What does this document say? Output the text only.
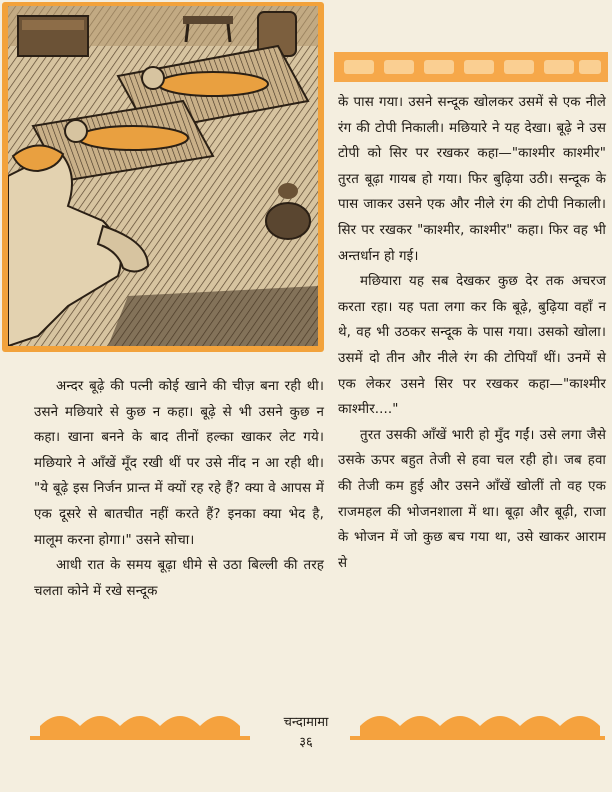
के पास गया। उसने सन्दूक खोलकर उसमें से एक नीले रंग की टोपी निकाली। मछियारे ने यह देखा। बूढ़े ने उस टोपी को सिर पर रखकर कहा—"काश्मीर काश्मीर" तुरत बूढ़ा गायब हो गया। फिर बुढ़िया उठी। सन्दूक के पास जाकर उसने एक और नीले रंग की टोपी निकाली। सिर पर रखकर "काश्मीर, काश्मीर" कहा। फिर वह भी अन्तर्धान हो गई।

मछियारा यह सब देखकर कुछ देर तक अचरज करता रहा। यह पता लगा कर कि बूढ़े, बुढ़िया वहाँ न थे, वह भी उठकर सन्दूक के पास गया। उसको खोला। उसमें दो तीन और नीले रंग की टोपियाँ थीं। उनमें से एक लेकर उसने सिर पर रखकर कहा—"काश्मीर काश्मीर...."

तुरत उसकी आँखें भारी हो मुँद गईं। उसे लगा जैसे उसके ऊपर बहुत तेजी से हवा चल रही हो। जब हवा की तेजी कम हुई और उसने आँखें खोलीं तो वह एक राजमहल की भोजनशाला में था। बूढ़ा और बूढ़ी, राजा के भोजन में जो कुछ बच गया था, उसे खाकर आराम से

अन्दर बूढ़े की पत्नी कोई खाने की चीज़ बना रही थी। उसने मछियारे से कुछ न कहा। बूढ़े से भी उसने कुछ न कहा। खाना बनने के बाद तीनों हल्का खाकर लेट गये। मछियारे ने आँखें मूँद रखी थीं पर उसे नींद न आ रही थी। "ये बूढ़े इस निर्जन प्रान्त में क्यों रह रहे हैं? क्या वे आपस में एक दूसरे से बातचीत नहीं करते हैं? इनका क्या भेद है, मालूम करना होगा।" उसने सोचा।

आधी रात के समय बूढ़ा धीमे से उठा बिल्ली की तरह चलता कोने में रखे सन्दूक

चन्दामामा
३६
